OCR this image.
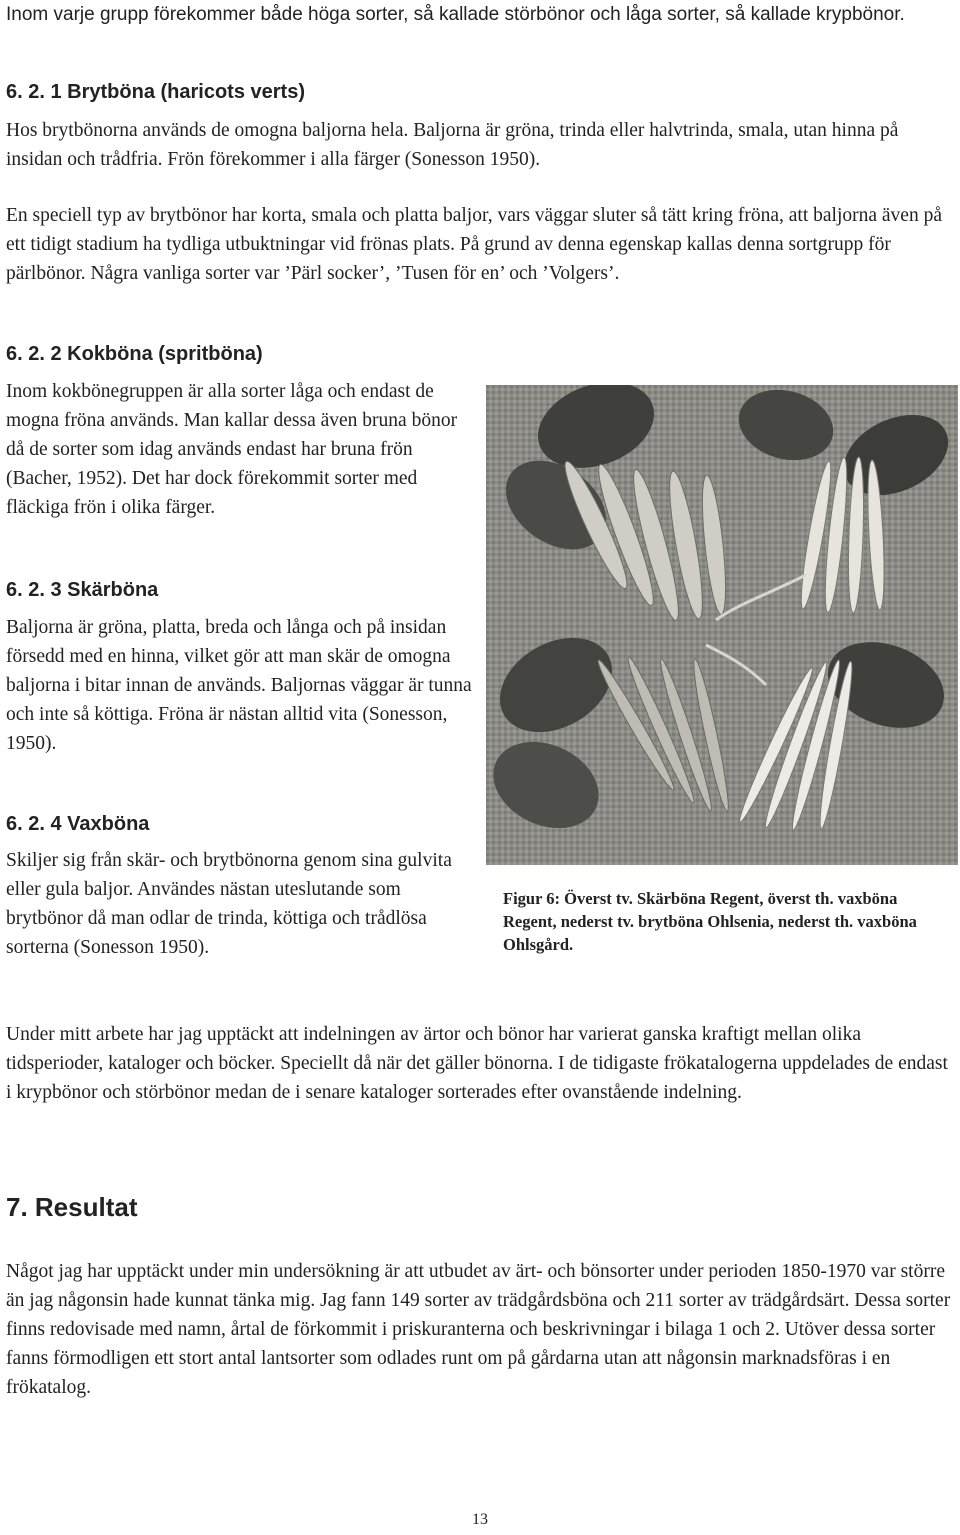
Inom varje grupp förekommer både höga sorter, så kallade störbönor och låga sorter, så kallade krypbönor.

6. 2. 1 Brytböna (haricots verts)

Hos brytbönorna används de omogna baljorna hela. Baljorna är gröna, trinda eller halvtrinda, smala, utan hinna på insidan och trådfria. Frön förekommer i alla färger (Sonesson 1950).

En speciell typ av brytbönor har korta, smala och platta baljor, vars väggar sluter så tätt kring fröna, att baljorna även på ett tidigt stadium ha tydliga utbuktningar vid frönas plats. På grund av denna egenskap kallas denna sortgrupp för pärlbönor. Några vanliga sorter var ’Pärl socker’, ’Tusen för en’ och ’Volgers’.

6. 2. 2 Kokböna (spritböna)

Inom kokbönegruppen är alla sorter låga och endast de mogna fröna används. Man kallar dessa även bruna bönor då de sorter som idag används endast har bruna frön (Bacher, 1952). Det har dock förekommit sorter med fläckiga frön i olika färger.

6. 2. 3 Skärböna

Baljorna är gröna, platta, breda och långa och på insidan försedd med en hinna, vilket gör att man skär de omogna baljorna i bitar innan de används. Baljornas väggar är tunna och inte så köttiga. Fröna är nästan alltid vita (Sonesson, 1950).

6. 2. 4 Vaxböna

Skiljer sig från skär- och brytbönorna genom sina gulvita eller gula baljor. Användes nästan uteslutande som brytbönor då man odlar de trinda, köttiga och trådlösa sorterna (Sonesson 1950).

Figur 6: Överst tv. Skärböna Regent, överst th. vaxböna Regent, nederst tv. brytböna Ohlsenia, nederst th. vaxböna Ohlsgård.

Under mitt arbete har jag upptäckt att indelningen av ärtor och bönor har varierat ganska kraftigt mellan olika tidsperioder, kataloger och böcker. Speciellt då när det gäller bönorna. I de tidigaste frökatalogerna uppdelades de endast i krypbönor och störbönor medan de i senare kataloger sorterades efter ovanstående indelning.

7. Resultat

Något jag har upptäckt under min undersökning är att utbudet av ärt- och bönsorter under perioden 1850-1970 var större än jag någonsin hade kunnat tänka mig. Jag fann 149 sorter av trädgårdsböna och 211 sorter av trädgårdsärt. Dessa sorter finns redovisade med namn, årtal de förkommit i priskuranterna och beskrivningar i bilaga 1 och 2. Utöver dessa sorter fanns förmodligen ett stort antal lantsorter som odlades runt om på gårdarna utan att någonsin marknadsföras i en frökatalog.

13
